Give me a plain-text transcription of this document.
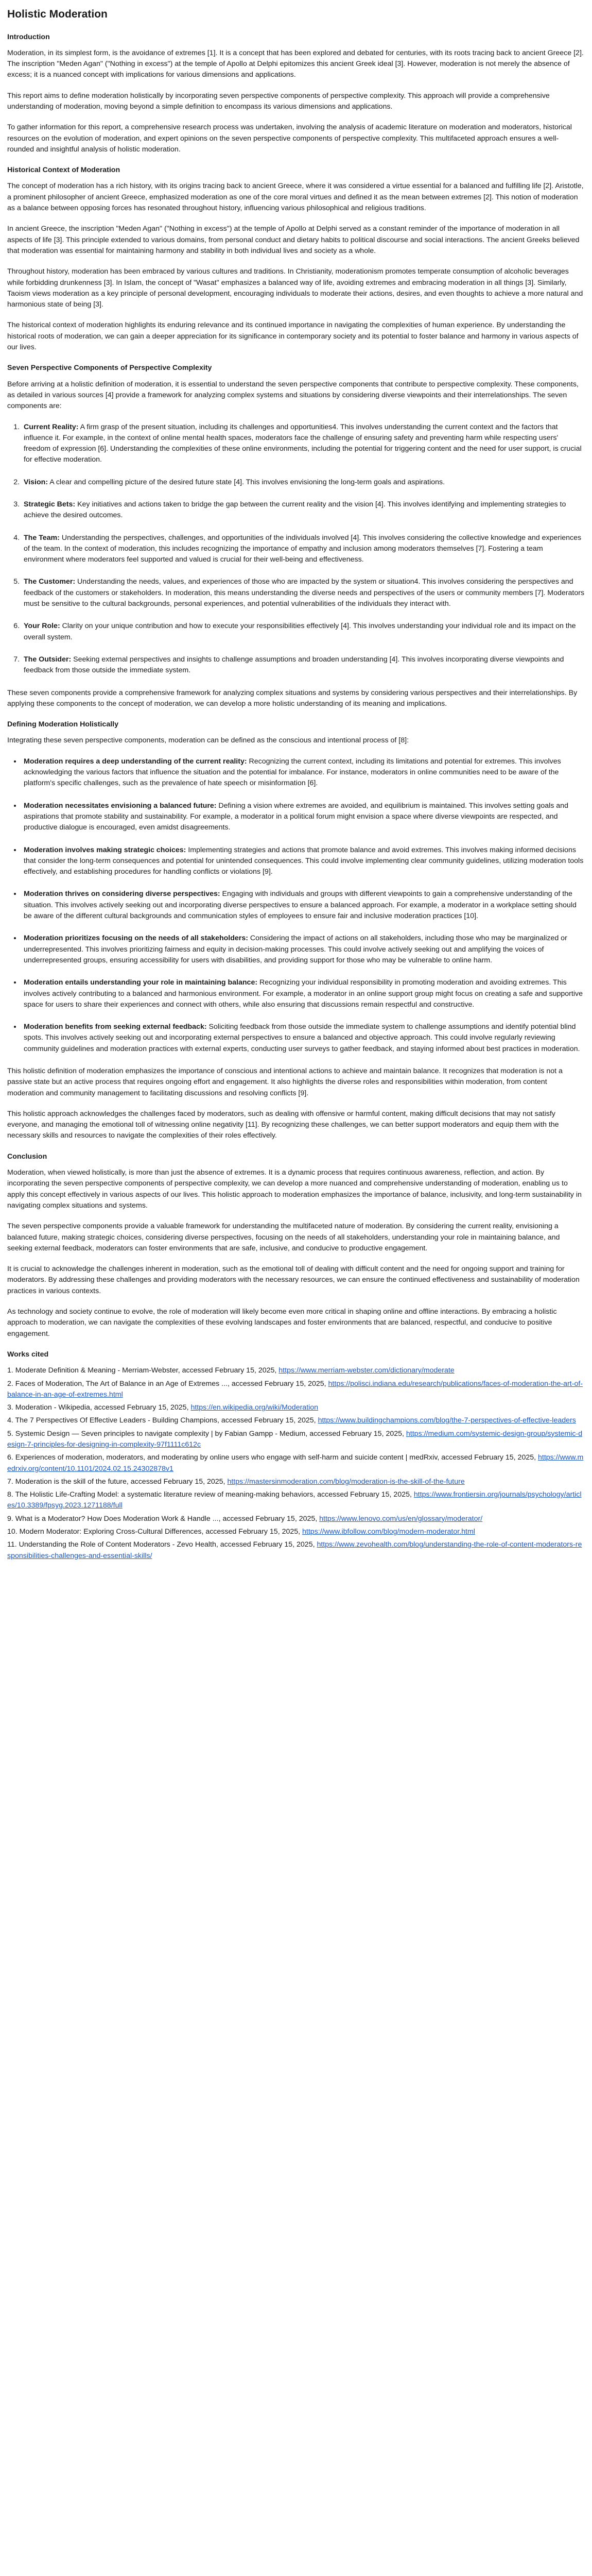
Holistic Moderation
Introduction

Moderation, in its simplest form, is the avoidance of extremes [1]. It is a concept that has been explored and debated for centuries, with its roots tracing back to ancient Greece [2]. The inscription "Meden Agan" ("Nothing in excess") at the temple of Apollo at Delphi epitomizes this ancient Greek ideal [3]. However, moderation is not merely the absence of excess; it is a nuanced concept with implications for various dimensions and applications.

This report aims to define moderation holistically by incorporating seven perspective components of perspective complexity. This approach will provide a comprehensive understanding of moderation, moving beyond a simple definition to encompass its various dimensions and applications.

To gather information for this report, a comprehensive research process was undertaken, involving the analysis of academic literature on moderation and moderators, historical resources on the evolution of moderation, and expert opinions on the seven perspective components of perspective complexity. This multifaceted approach ensures a well-rounded and insightful analysis of holistic moderation.

Historical Context of Moderation

The concept of moderation has a rich history, with its origins tracing back to ancient Greece, where it was considered a virtue essential for a balanced and fulfilling life [2]. Aristotle, a prominent philosopher of ancient Greece, emphasized moderation as one of the core moral virtues and defined it as the mean between extremes [2]. This notion of moderation as a balance between opposing forces has resonated throughout history, influencing various philosophical and religious traditions.

In ancient Greece, the inscription "Meden Agan" ("Nothing in excess") at the temple of Apollo at Delphi served as a constant reminder of the importance of moderation in all aspects of life [3]. This principle extended to various domains, from personal conduct and dietary habits to political discourse and social interactions. The ancient Greeks believed that moderation was essential for maintaining harmony and stability in both individual lives and society as a whole.

Throughout history, moderation has been embraced by various cultures and traditions. In Christianity, moderationism promotes temperate consumption of alcoholic beverages while forbidding drunkenness [3]. In Islam, the concept of "Wasat" emphasizes a balanced way of life, avoiding extremes and embracing moderation in all things [3]. Similarly, Taoism views moderation as a key principle of personal development, encouraging individuals to moderate their actions, desires, and even thoughts to achieve a more natural and harmonious state of being [3].

The historical context of moderation highlights its enduring relevance and its continued importance in navigating the complexities of human experience. By understanding the historical roots of moderation, we can gain a deeper appreciation for its significance in contemporary society and its potential to foster balance and harmony in various aspects of our lives.

Seven Perspective Components of Perspective Complexity

Before arriving at a holistic definition of moderation, it is essential to understand the seven perspective components that contribute to perspective complexity. These components, as detailed in various sources [4] provide a framework for analyzing complex systems and situations by considering diverse viewpoints and their interrelationships. The seven components are:

1. Current Reality: A firm grasp of the present situation, including its challenges and opportunities4. This involves understanding the current context and the factors that influence it. For example, in the context of online mental health spaces, moderators face the challenge of ensuring safety and preventing harm while respecting users' freedom of expression [6]. Understanding the complexities of these online environments, including the potential for triggering content and the need for user support, is crucial for effective moderation.
2. Vision: A clear and compelling picture of the desired future state [4]. This involves envisioning the long-term goals and aspirations.
3. Strategic Bets: Key initiatives and actions taken to bridge the gap between the current reality and the vision [4]. This involves identifying and implementing strategies to achieve the desired outcomes.
4. The Team: Understanding the perspectives, challenges, and opportunities of the individuals involved [4]. This involves considering the collective knowledge and experiences of the team. In the context of moderation, this includes recognizing the importance of empathy and inclusion among moderators themselves [7]. Fostering a team environment where moderators feel supported and valued is crucial for their well-being and effectiveness.
5. The Customer: Understanding the needs, values, and experiences of those who are impacted by the system or situation4. This involves considering the perspectives and feedback of the customers or stakeholders. In moderation, this means understanding the diverse needs and perspectives of the users or community members [7]. Moderators must be sensitive to the cultural backgrounds, personal experiences, and potential vulnerabilities of the individuals they interact with.
6. Your Role: Clarity on your unique contribution and how to execute your responsibilities effectively [4]. This involves understanding your individual role and its impact on the overall system.
7. The Outsider: Seeking external perspectives and insights to challenge assumptions and broaden understanding [4]. This involves incorporating diverse viewpoints and feedback from those outside the immediate system.

These seven components provide a comprehensive framework for analyzing complex situations and systems by considering various perspectives and their interrelationships. By applying these components to the concept of moderation, we can develop a more holistic understanding of its meaning and implications.

Defining Moderation Holistically

Integrating these seven perspective components, moderation can be defined as the conscious and intentional process of [8]:

• Moderation requires a deep understanding of the current reality: Recognizing the current context, including its limitations and potential for extremes. This involves acknowledging the various factors that influence the situation and the potential for imbalance. For instance, moderators in online communities need to be aware of the platform's specific challenges, such as the prevalence of hate speech or misinformation [6].
• Moderation necessitates envisioning a balanced future: Defining a vision where extremes are avoided, and equilibrium is maintained. This involves setting goals and aspirations that promote stability and sustainability. For example, a moderator in a political forum might envision a space where diverse viewpoints are respected, and productive dialogue is encouraged, even amidst disagreements.
• Moderation involves making strategic choices: Implementing strategies and actions that promote balance and avoid extremes. This involves making informed decisions that consider the long-term consequences and potential for unintended consequences. This could involve implementing clear community guidelines, utilizing moderation tools effectively, and establishing procedures for handling conflicts or violations [9].
• Moderation thrives on considering diverse perspectives: Engaging with individuals and groups with different viewpoints to gain a comprehensive understanding of the situation. This involves actively seeking out and incorporating diverse perspectives to ensure a balanced approach. For example, a moderator in a workplace setting should be aware of the different cultural backgrounds and communication styles of employees to ensure fair and inclusive moderation practices [10].
• Moderation prioritizes focusing on the needs of all stakeholders: Considering the impact of actions on all stakeholders, including those who may be marginalized or underrepresented. This involves prioritizing fairness and equity in decision-making processes. This could involve actively seeking out and amplifying the voices of underrepresented groups, ensuring accessibility for users with disabilities, and providing support for those who may be vulnerable to online harm.
• Moderation entails understanding your role in maintaining balance: Recognizing your individual responsibility in promoting moderation and avoiding extremes. This involves actively contributing to a balanced and harmonious environment. For example, a moderator in an online support group might focus on creating a safe and supportive space for users to share their experiences and connect with others, while also ensuring that discussions remain respectful and constructive.
• Moderation benefits from seeking external feedback: Soliciting feedback from those outside the immediate system to challenge assumptions and identify potential blind spots. This involves actively seeking out and incorporating external perspectives to ensure a balanced and objective approach. This could involve regularly reviewing community guidelines and moderation practices with external experts, conducting user surveys to gather feedback, and staying informed about best practices in moderation.

This holistic definition of moderation emphasizes the importance of conscious and intentional actions to achieve and maintain balance. It recognizes that moderation is not a passive state but an active process that requires ongoing effort and engagement. It also highlights the diverse roles and responsibilities within moderation, from content moderation and community management to facilitating discussions and resolving conflicts [9].

This holistic approach acknowledges the challenges faced by moderators, such as dealing with offensive or harmful content, making difficult decisions that may not satisfy everyone, and managing the emotional toll of witnessing online negativity [11]. By recognizing these challenges, we can better support moderators and equip them with the necessary skills and resources to navigate the complexities of their roles effectively.

Conclusion

Moderation, when viewed holistically, is more than just the absence of extremes. It is a dynamic process that requires continuous awareness, reflection, and action. By incorporating the seven perspective components of perspective complexity, we can develop a more nuanced and comprehensive understanding of moderation, enabling us to apply this concept effectively in various aspects of our lives. This holistic approach to moderation emphasizes the importance of balance, inclusivity, and long-term sustainability in navigating complex situations and systems.

The seven perspective components provide a valuable framework for understanding the multifaceted nature of moderation. By considering the current reality, envisioning a balanced future, making strategic choices, considering diverse perspectives, focusing on the needs of all stakeholders, understanding your role in maintaining balance, and seeking external feedback, moderators can foster environments that are safe, inclusive, and conducive to productive engagement.

It is crucial to acknowledge the challenges inherent in moderation, such as the emotional toll of dealing with difficult content and the need for ongoing support and training for moderators. By addressing these challenges and providing moderators with the necessary resources, we can ensure the continued effectiveness and sustainability of moderation practices in various contexts.

As technology and society continue to evolve, the role of moderation will likely become even more critical in shaping online and offline interactions. By embracing a holistic approach to moderation, we can navigate the complexities of these evolving landscapes and foster environments that are balanced, respectful, and conducive to positive engagement.

Works cited

1. Moderate Definition & Meaning - Merriam-Webster, accessed February 15, 2025, https://www.merriam-webster.com/dictionary/moderate

2. Faces of Moderation, The Art of Balance in an Age of Extremes ..., accessed February 15, 2025, https://polisci.indiana.edu/research/publications/faces-of-moderation-the-art-of-balance-in-an-age-of-extremes.html

3. Moderation - Wikipedia, accessed February 15, 2025, https://en.wikipedia.org/wiki/Moderation

4. The 7 Perspectives Of Effective Leaders - Building Champions, accessed February 15, 2025, https://www.buildingchampions.com/blog/the-7-perspectives-of-effective-leaders

5. Systemic Design — Seven principles to navigate complexity | by Fabian Gampp - Medium, accessed February 15, 2025, https://medium.com/systemic-design-group/systemic-design-7-principles-for-designing-in-complexity-97f1111c612c

6. Experiences of moderation, moderators, and moderating by online users who engage with self-harm and suicide content | medRxiv, accessed February 15, 2025, https://www.medrxiv.org/content/10.1101/2024.02.15.24302878v1

7. Moderation is the skill of the future, accessed February 15, 2025, https://mastersinmoderation.com/blog/moderation-is-the-skill-of-the-future

8. The Holistic Life-Crafting Model: a systematic literature review of meaning-making behaviors, accessed February 15, 2025, https://www.frontiersin.org/journals/psychology/articles/10.3389/fpsyg.2023.1271188/full

9. What is a Moderator? How Does Moderation Work & Handle ..., accessed February 15, 2025, https://www.lenovo.com/us/en/glossary/moderator/

10. Modern Moderator: Exploring Cross-Cultural Differences, accessed February 15, 2025, https://www.ibfollow.com/blog/modern-moderator.html

11. Understanding the Role of Content Moderators - Zevo Health, accessed February 15, 2025, https://www.zevohealth.com/blog/understanding-the-role-of-content-moderators-responsibilities-challenges-and-essential-skills/
